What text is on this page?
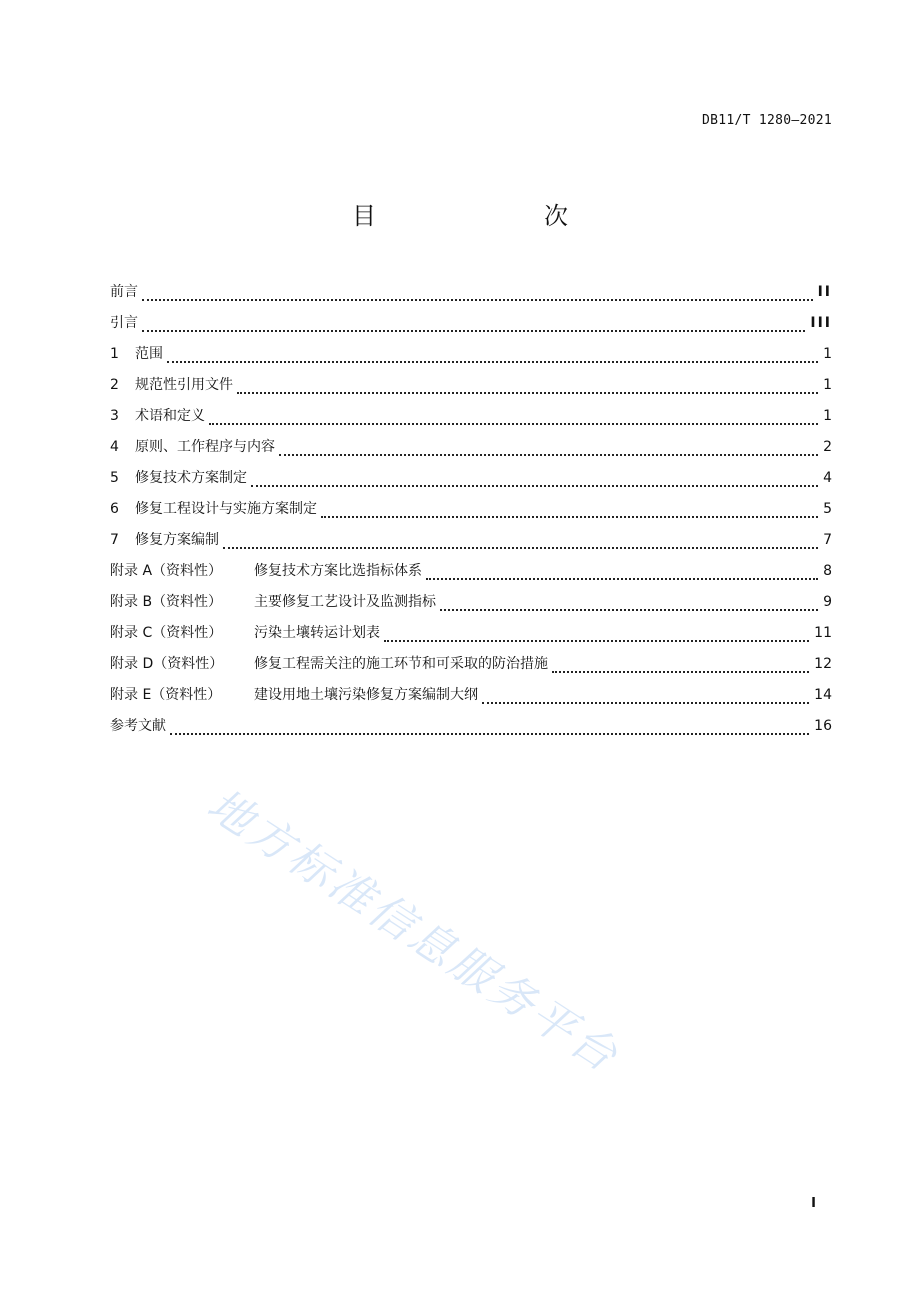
DB11/T 1280—2021
目　　次
前言	II
引言	III
1	范围	1
2	规范性引用文件	1
3	术语和定义	1
4	原则、工作程序与内容	2
5	修复技术方案制定	4
6	修复工程设计与实施方案制定	5
7	修复方案编制	7
附录 A（资料性）	修复技术方案比选指标体系	8
附录 B（资料性）	主要修复工艺设计及监测指标	9
附录 C（资料性）	污染土壤转运计划表	11
附录 D（资料性）	修复工程需关注的施工环节和可采取的防治措施	12
附录 E（资料性）	建设用地土壤污染修复方案编制大纲	14
参考文献	16
地方标准信息服务平台
I
